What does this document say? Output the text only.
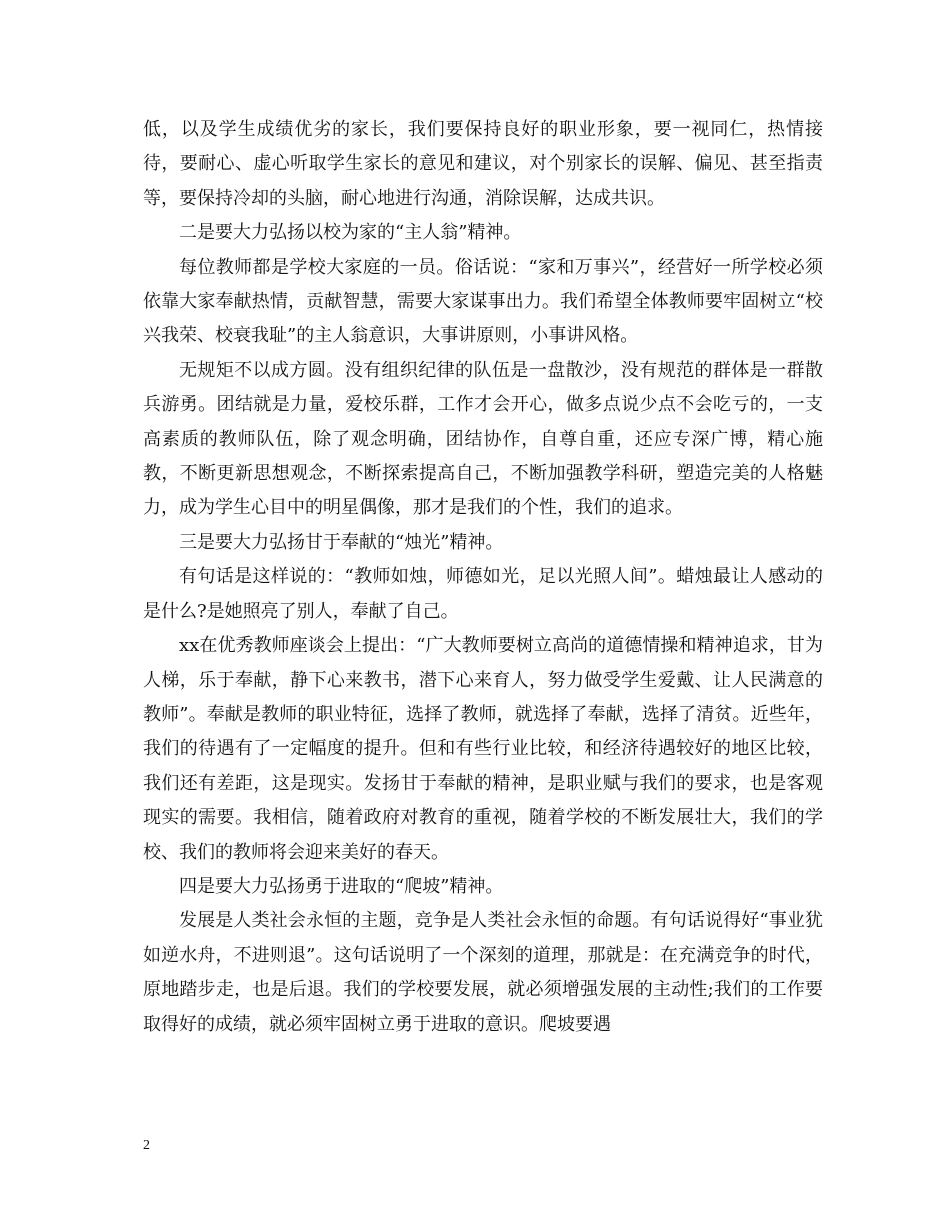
低，以及学生成绩优劣的家长，我们要保持良好的职业形象，要一视同仁，热情接待，要耐心、虚心听取学生家长的意见和建议，对个别家长的误解、偏见、甚至指责等，要保持冷却的头脑，耐心地进行沟通，消除误解，达成共识。

二是要大力弘扬以校为家的“主人翁”精神。

每位教师都是学校大家庭的一员。俗话说：“家和万事兴”，经营好一所学校必须依靠大家奉献热情，贡献智慧，需要大家谋事出力。我们希望全体教师要牢固树立“校兴我荣、校衰我耻”的主人翁意识，大事讲原则，小事讲风格。

无规矩不以成方圆。没有组织纪律的队伍是一盘散沙，没有规范的群体是一群散兵游勇。团结就是力量，爱校乐群，工作才会开心，做多点说少点不会吃亏的，一支高素质的教师队伍，除了观念明确，团结协作，自尊自重，还应专深广博，精心施教，不断更新思想观念，不断探索提高自己，不断加强教学科研，塑造完美的人格魅力，成为学生心目中的明星偶像，那才是我们的个性，我们的追求。

三是要大力弘扬甘于奉献的“烛光”精神。

有句话是这样说的：“教师如烛，师德如光，足以光照人间”。蜡烛最让人感动的是什么?是她照亮了别人，奉献了自己。

xx在优秀教师座谈会上提出：“广大教师要树立高尚的道德情操和精神追求，甘为人梯，乐于奉献，静下心来教书，潜下心来育人，努力做受学生爱戴、让人民满意的教师”。奉献是教师的职业特征，选择了教师，就选择了奉献，选择了清贫。近些年，我们的待遇有了一定幅度的提升。但和有些行业比较，和经济待遇较好的地区比较，我们还有差距，这是现实。发扬甘于奉献的精神，是职业赋与我们的要求，也是客观现实的需要。我相信，随着政府对教育的重视，随着学校的不断发展壮大，我们的学校、我们的教师将会迎来美好的春天。

四是要大力弘扬勇于进取的“爬坡”精神。

发展是人类社会永恒的主题，竞争是人类社会永恒的命题。有句话说得好“事业犹如逆水舟，不进则退”。这句话说明了一个深刻的道理，那就是：在充满竞争的时代，原地踏步走，也是后退。我们的学校要发展，就必须增强发展的主动性;我们的工作要取得好的成绩，就必须牢固树立勇于进取的意识。爬坡要遇

2
